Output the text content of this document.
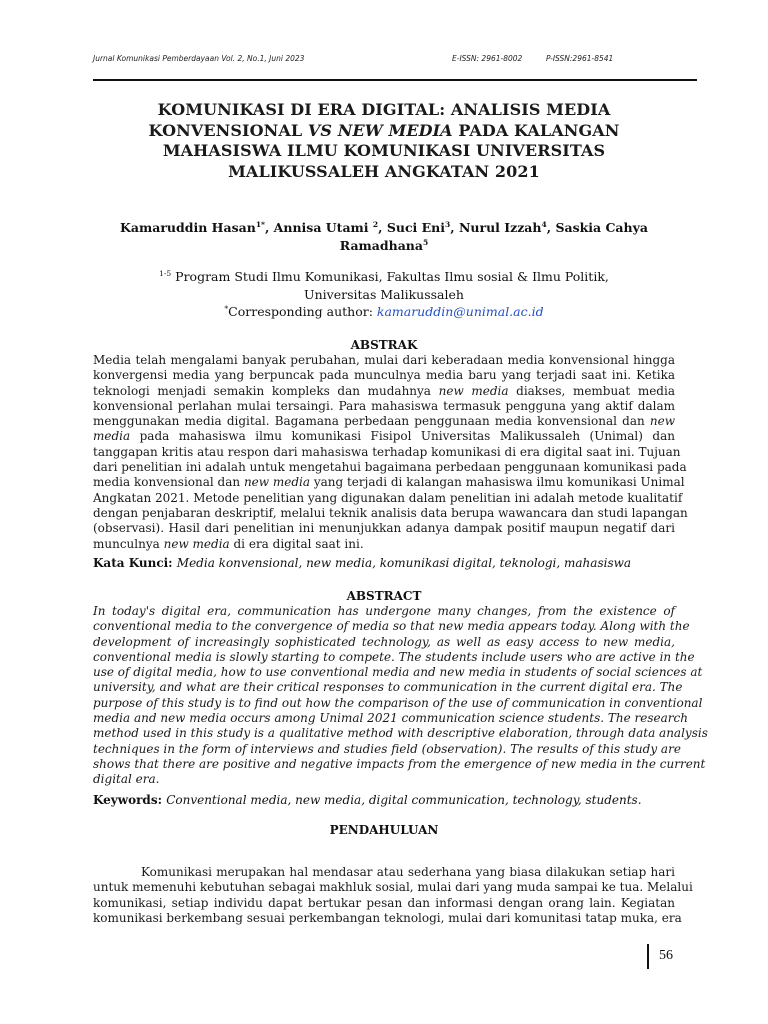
Jurnal Komunikasi Pemberdayaan Vol. 2, No.1, Juni 2023	E-ISSN: 2961-8002	P-ISSN:2961-8541
KOMUNIKASI DI ERA DIGITAL: ANALISIS MEDIA
KONVENSIONAL VS NEW MEDIA PADA KALANGAN
MAHASISWA ILMU KOMUNIKASI UNIVERSITAS
MALIKUSSALEH ANGKATAN 2021
Kamaruddin Hasan$^{1*}$, Annisa Utami $^2$, Suci Eni$^3$, Nurul Izzah$^4$, Saskia Cahya
Ramadhana$^5$
$^{1-5}$ Program Studi Ilmu Komunikasi, Fakultas Ilmu sosial & Ilmu Politik,
Universitas Malikussaleh
*Corresponding author: kamaruddin@unimal.ac.id
ABSTRAK
Media telah mengalami banyak perubahan, mulai dari keberadaan media konvensional hingga
konvergensi media yang berpuncak pada munculnya media baru yang terjadi saat ini. Ketika
teknologi menjadi semakin kompleks dan mudahnya new media diakses, membuat media
konvensional perlahan mulai tersaingi. Para mahasiswa termasuk pengguna yang aktif dalam
menggunakan media digital. Bagamana perbedaan penggunaan media konvensional dan new
media pada mahasiswa ilmu komunikasi Fisipol Universitas Malikussaleh (Unimal) dan
tanggapan kritis atau respon dari mahasiswa terhadap komunikasi di era digital saat ini. Tujuan
dari penelitian ini adalah untuk mengetahui bagaimana perbedaan penggunaan komunikasi pada
media konvensional dan new media yang terjadi di kalangan mahasiswa ilmu komunikasi Unimal
Angkatan 2021. Metode penelitian yang digunakan dalam penelitian ini adalah metode kualitatif
dengan penjabaran deskriptif, melalui teknik analisis data berupa wawancara dan studi lapangan
(observasi). Hasil dari penelitian ini menunjukkan adanya dampak positif maupun negatif dari
munculnya new media di era digital saat ini.
Kata Kunci: Media konvensional, new media, komunikasi digital, teknologi, mahasiswa
ABSTRACT
In today's digital era, communication has undergone many changes, from the existence of
conventional media to the convergence of media so that new media appears today. Along with the
development of increasingly sophisticated technology, as well as easy access to new media,
conventional media is slowly starting to compete. The students include users who are active in the
use of digital media, how to use conventional media and new media in students of social sciences at
university, and what are their critical responses to communication in the current digital era. The
purpose of this study is to find out how the comparison of the use of communication in conventional
media and new media occurs among Unimal 2021 communication science students. The research
method used in this study is a qualitative method with descriptive elaboration, through data analysis
techniques in the form of interviews and studies field (observation). The results of this study are
shows that there are positive and negative impacts from the emergence of new media in the current
digital era.
Keywords: Conventional media, new media, digital communication, technology, students.
PENDAHULUAN
Komunikasi merupakan hal mendasar atau sederhana yang biasa dilakukan setiap hari
untuk memenuhi kebutuhan sebagai makhluk sosial, mulai dari yang muda sampai ke tua. Melalui
komunikasi, setiap individu dapat bertukar pesan dan informasi dengan orang lain. Kegiatan
komunikasi berkembang sesuai perkembangan teknologi, mulai dari komunitasi tatap muka, era
56
